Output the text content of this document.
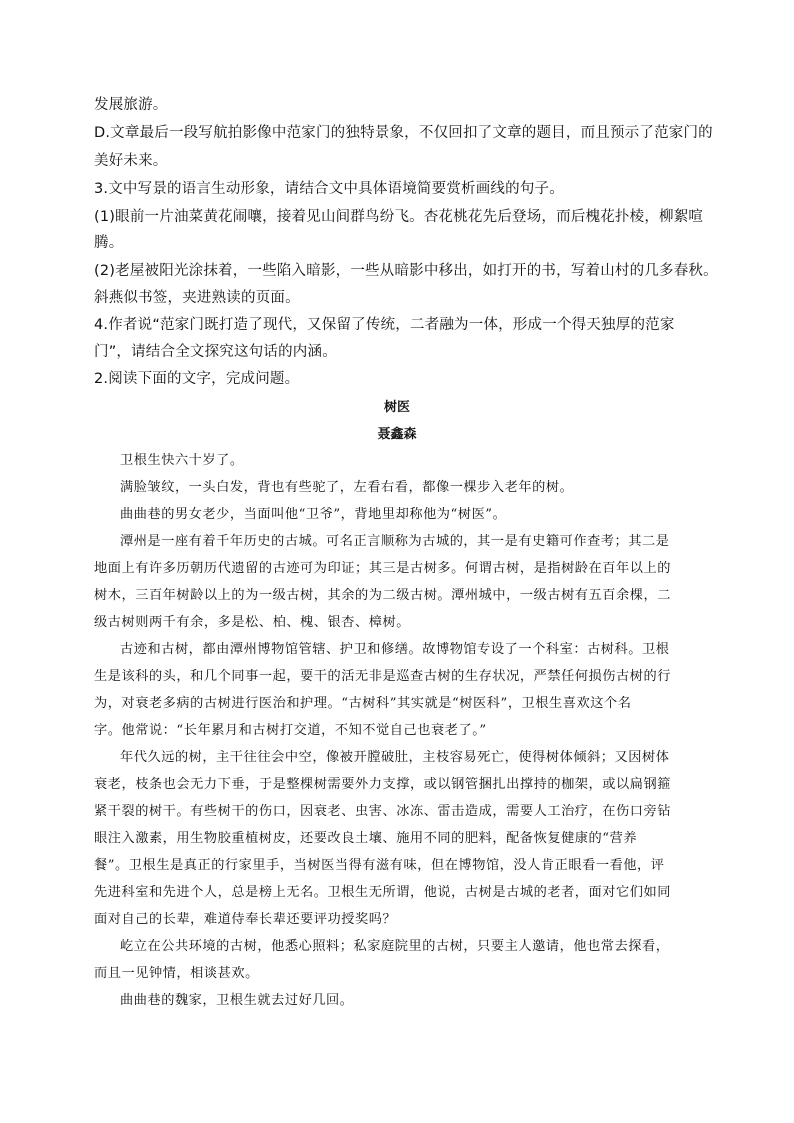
发展旅游。
D.文章最后一段写航拍影像中范家门的独特景象，不仅回扣了文章的题目，而且预示了范家门的
美好未来。
3.文中写景的语言生动形象，请结合文中具体语境简要赏析画线的句子。
(1)眼前一片油菜黄花闹嚷，接着见山间群鸟纷飞。杏花桃花先后登场，而后槐花扑棱，柳絮喧
腾。
(2)老屋被阳光涂抹着，一些陷入暗影，一些从暗影中移出，如打开的书，写着山村的几多春秋。
斜燕似书签，夹进熟读的页面。
4.作者说“范家门既打造了现代，又保留了传统，二者融为一体，形成一个得天独厚的范家
门”，请结合全文探究这句话的内涵。
2.阅读下面的文字，完成问题。
树医
聂鑫森
卫根生快六十岁了。
满脸皱纹，一头白发，背也有些驼了，左看右看，都像一棵步入老年的树。
曲曲巷的男女老少，当面叫他“卫爷”，背地里却称他为“树医”。
潭州是一座有着千年历史的古城。可名正言顺称为古城的，其一是有史籍可作查考；其二是
地面上有许多历朝历代遗留的古迹可为印证；其三是古树多。何谓古树，是指树龄在百年以上的
树木，三百年树龄以上的为一级古树，其余的为二级古树。潭州城中，一级古树有五百余棵，二
级古树则两千有余，多是松、柏、槐、银杏、樟树。
古迹和古树，都由潭州博物馆管辖、护卫和修缮。故博物馆专设了一个科室：古树科。卫根
生是该科的头，和几个同事一起，要干的活无非是巡查古树的生存状况，严禁任何损伤古树的行
为，对衰老多病的古树进行医治和护理。“古树科”其实就是“树医科”，卫根生喜欢这个名
字。他常说：“长年累月和古树打交道，不知不觉自己也衰老了。”
年代久远的树，主干往往会中空，像被开膛破肚，主枝容易死亡，使得树体倾斜；又因树体
衰老，枝条也会无力下垂，于是整棵树需要外力支撑，或以钢管捆扎出撑持的枷架，或以扁钢箍
紧干裂的树干。有些树干的伤口，因衰老、虫害、冰冻、雷击造成，需要人工治疗，在伤口旁钻
眼注入激素，用生物胶重植树皮，还要改良土壤、施用不同的肥料，配备恢复健康的“营养
餐”。卫根生是真正的行家里手，当树医当得有滋有味，但在博物馆，没人肯正眼看一看他，评
先进科室和先进个人，总是榜上无名。卫根生无所谓，他说，古树是古城的老者，面对它们如同
面对自己的长辈，难道侍奉长辈还要评功授奖吗？
屹立在公共环境的古树，他悉心照料；私家庭院里的古树，只要主人邀请，他也常去探看，
而且一见钟情，相谈甚欢。
曲曲巷的魏家，卫根生就去过好几回。
